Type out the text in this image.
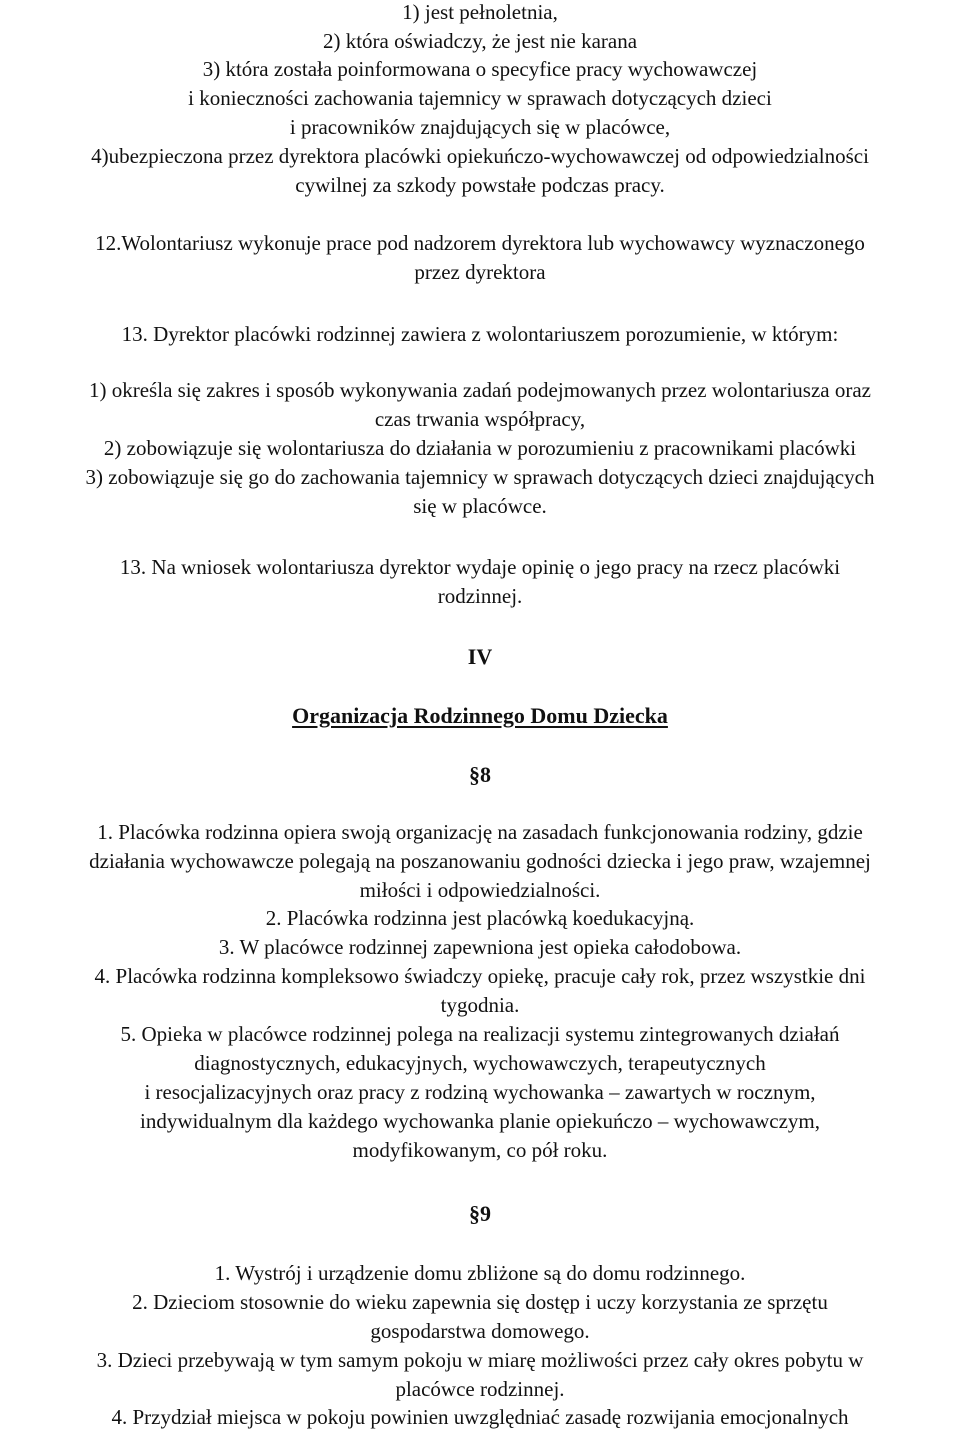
1) jest pełnoletnia,
2) która oświadczy, że jest nie karana
3) która została poinformowana o specyfice pracy wychowawczej
i konieczności zachowania tajemnicy w sprawach dotyczących dzieci
i pracowników znajdujących się w placówce,
4)ubezpieczona przez dyrektora placówki opiekuńczo-wychowawczej od odpowiedzialności
cywilnej za szkody powstałe podczas pracy.
12.Wolontariusz wykonuje prace pod nadzorem dyrektora lub wychowawcy wyznaczonego
przez dyrektora
13. Dyrektor placówki rodzinnej zawiera z wolontariuszem porozumienie, w którym:
1) określa się zakres i sposób wykonywania zadań podejmowanych przez wolontariusza oraz
czas trwania współpracy,
2) zobowiązuje się wolontariusza do działania w porozumieniu z pracownikami placówki
3) zobowiązuje się go do zachowania tajemnicy w sprawach dotyczących dzieci znajdujących
się w placówce.
13. Na wniosek wolontariusza dyrektor wydaje opinię o jego pracy na rzecz placówki
rodzinnej.
IV
Organizacja Rodzinnego Domu Dziecka
§8
1. Placówka rodzinna opiera swoją organizację na zasadach funkcjonowania rodziny, gdzie
działania wychowawcze polegają na poszanowaniu godności dziecka i jego praw, wzajemnej
miłości i odpowiedzialności.
2. Placówka rodzinna jest placówką koedukacyjną.
3. W placówce rodzinnej zapewniona jest opieka całodobowa.
4. Placówka rodzinna kompleksowo świadczy opiekę, pracuje cały rok, przez wszystkie dni
tygodnia.
5. Opieka w placówce rodzinnej polega na realizacji systemu zintegrowanych działań
diagnostycznych, edukacyjnych, wychowawczych, terapeutycznych
i resocjalizacyjnych oraz pracy z rodziną wychowanka – zawartych w rocznym,
indywidualnym dla każdego wychowanka planie opiekuńczo – wychowawczym,
modyfikowanym, co pół roku.
§9
1. Wystrój i urządzenie domu zbliżone są do domu rodzinnego.
2. Dzieciom stosownie do wieku zapewnia się dostęp i uczy korzystania ze sprzętu
gospodarstwa domowego.
3. Dzieci przebywają w tym samym pokoju w miarę możliwości przez cały okres pobytu w
placówce rodzinnej.
4. Przydział miejsca w pokoju powinien uwzględniać zasadę rozwijania emocjonalnych
